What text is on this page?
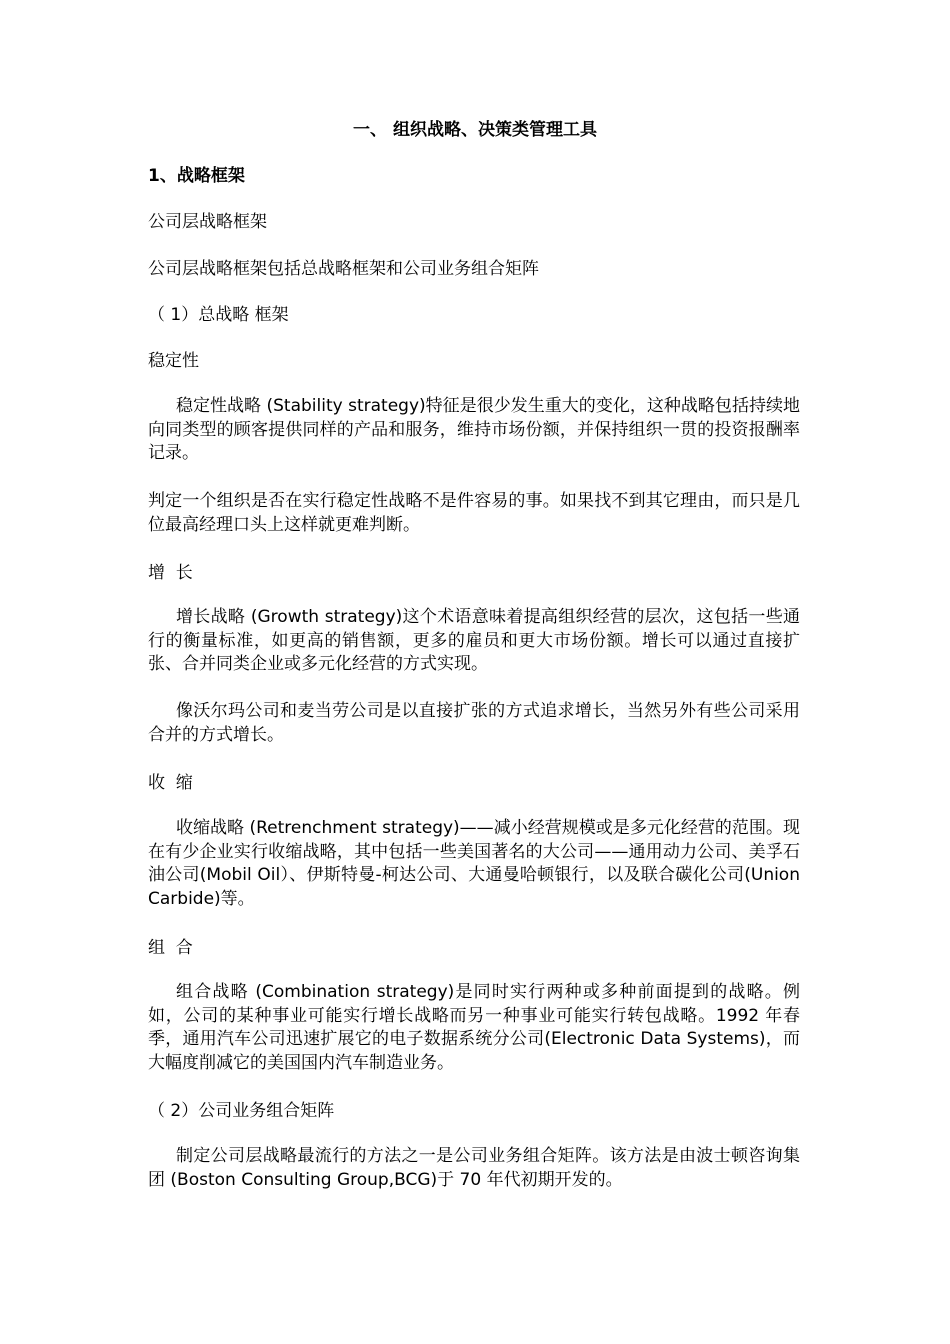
一、 组织战略、决策类管理工具

1、战略框架

公司层战略框架

公司层战略框架包括总战略框架和公司业务组合矩阵

（ 1）总战略 框架

稳定性

稳定性战略 (Stability strategy)特征是很少发生重大的变化，这种战略包括持续地向同类型的顾客提供同样的产品和服务，维持市场份额，并保持组织一贯的投资报酬率记录。

判定一个组织是否在实行稳定性战略不是件容易的事。如果找不到其它理由，而只是几位最高经理口头上这样就更难判断。

增  长

增长战略 (Growth strategy)这个术语意味着提高组织经营的层次，这包括一些通行的衡量标准，如更高的销售额，更多的雇员和更大市场份额。增长可以通过直接扩张、合并同类企业或多元化经营的方式实现。

像沃尔玛公司和麦当劳公司是以直接扩张的方式追求增长，当然另外有些公司采用合并的方式增长。

收  缩

收缩战略 (Retrenchment strategy)——减小经营规模或是多元化经营的范围。现在有少企业实行收缩战略，其中包括一些美国著名的大公司——通用动力公司、美孚石油公司(Mobil Oil）、伊斯特曼-柯达公司、大通曼哈顿银行，以及联合碳化公司(Union Carbide)等。

组  合

组合战略 (Combination strategy)是同时实行两种或多种前面提到的战略。例如，公司的某种事业可能实行增长战略而另一种事业可能实行转包战略。1992 年春季，通用汽车公司迅速扩展它的电子数据系统分公司(Electronic Data Systems)，而大幅度削减它的美国国内汽车制造业务。

（ 2）公司业务组合矩阵

制定公司层战略最流行的方法之一是公司业务组合矩阵。该方法是由波士顿咨询集团 (Boston Consulting Group,BCG)于 70 年代初期开发的。
